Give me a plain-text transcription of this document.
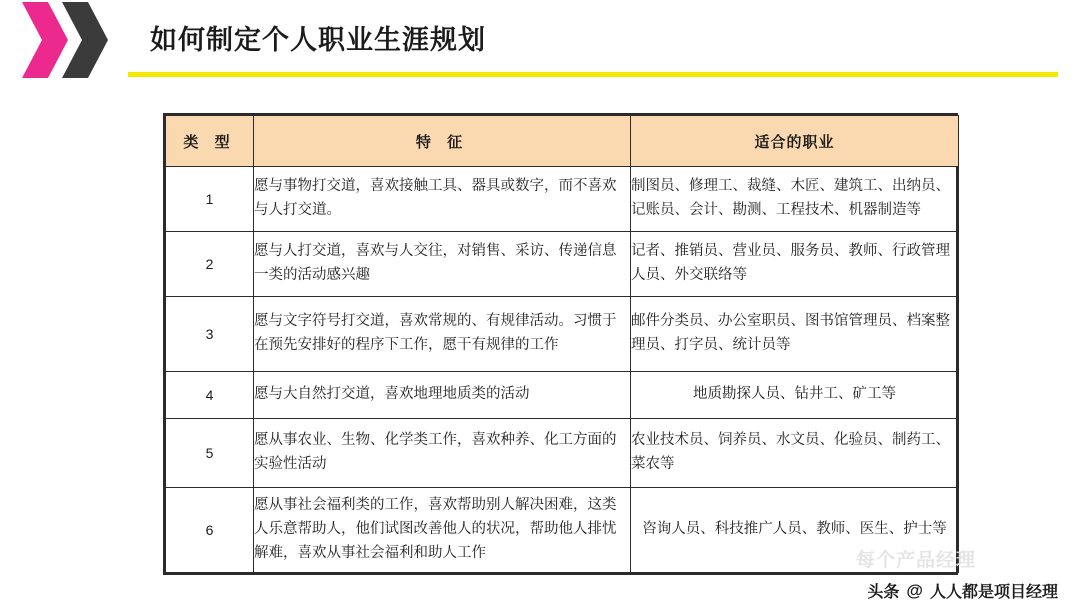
如何制定个人职业生涯规划
类 型	特 征	适合的职业
1	愿与事物打交道，喜欢接触工具、器具或数字，而不喜欢与人打交道。	制图员、修理工、裁缝、木匠、建筑工、出纳员、记账员、会计、勘测、工程技术、机器制造等
2	愿与人打交道，喜欢与人交往，对销售、采访、传递信息一类的活动感兴趣	记者、推销员、营业员、服务员、教师、行政管理人员、外交联络等
3	愿与文字符号打交道，喜欢常规的、有规律活动。习惯于在预先安排好的程序下工作，愿干有规律的工作	邮件分类员、办公室职员、图书馆管理员、档案整理员、打字员、统计员等
4	愿与大自然打交道，喜欢地理地质类的活动	地质勘探人员、钻井工、矿工等
5	愿从事农业、生物、化学类工作，喜欢种养、化工方面的实验性活动	农业技术员、饲养员、水文员、化验员、制药工、菜农等
6	愿从事社会福利类的工作，喜欢帮助别人解决困难，这类人乐意帮助人，他们试图改善他人的状况，帮助他人排忧解难，喜欢从事社会福利和助人工作	咨询人员、科技推广人员、教师、医生、护士等
每个产品经理
头条 @ 人人都是项目经理
